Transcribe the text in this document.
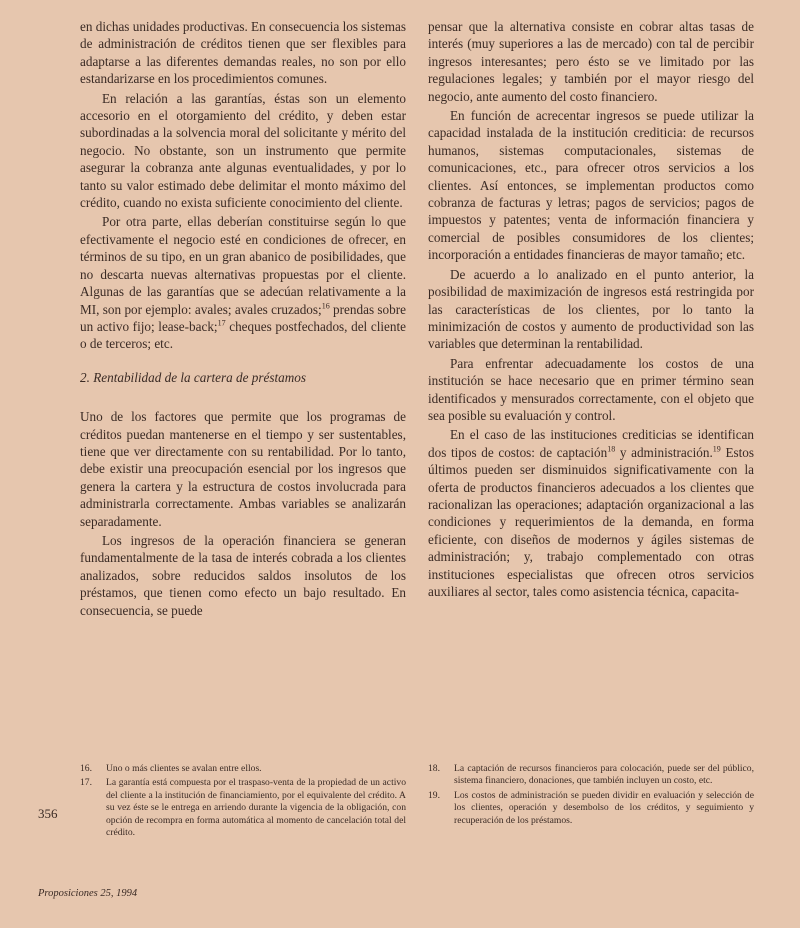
en dichas unidades productivas. En consecuencia los sistemas de administración de créditos tienen que ser flexibles para adaptarse a las diferentes demandas reales, no son por ello estandarizarse en los procedimientos comunes.

En relación a las garantías, éstas son un elemento accesorio en el otorgamiento del crédito, y deben estar subordinadas a la solvencia moral del solicitante y mérito del negocio. No obstante, son un instrumento que permite asegurar la cobranza ante algunas eventualidades, y por lo tanto su valor estimado debe delimitar el monto máximo del crédito, cuando no exista suficiente conocimiento del cliente.

Por otra parte, ellas deberían constituirse según lo que efectivamente el negocio esté en condiciones de ofrecer, en términos de su tipo, en un gran abanico de posibilidades, que no descarta nuevas alternativas propuestas por el cliente. Algunas de las garantías que se adecúan relativamente a la MI, son por ejemplo: avales; avales cruzados;$^{16}$ prendas sobre un activo fijo; lease-back;$^{17}$ cheques postfechados, del cliente o de terceros; etc.

2. Rentabilidad de la cartera de préstamos

Uno de los factores que permite que los programas de créditos puedan mantenerse en el tiempo y ser sustentables, tiene que ver directamente con su rentabilidad. Por lo tanto, debe existir una preocupación esencial por los ingresos que genera la cartera y la estructura de costos involucrada para administrarla correctamente. Ambas variables se analizarán separadamente.

Los ingresos de la operación financiera se generan fundamentalmente de la tasa de interés cobrada a los clientes analizados, sobre reducidos saldos insolutos de los préstamos, que tienen como efecto un bajo resultado. En consecuencia, se puede

pensar que la alternativa consiste en cobrar altas tasas de interés (muy superiores a las de mercado) con tal de percibir ingresos interesantes; pero ésto se ve limitado por las regulaciones legales; y también por el mayor riesgo del negocio, ante aumento del costo financiero.

En función de acrecentar ingresos se puede utilizar la capacidad instalada de la institución crediticia: de recursos humanos, sistemas computacionales, sistemas de comunicaciones, etc., para ofrecer otros servicios a los clientes. Así entonces, se implementan productos como cobranza de facturas y letras; pagos de servicios; pagos de impuestos y patentes; venta de información financiera y comercial de posibles consumidores de los clientes; incorporación a entidades financieras de mayor tamaño; etc.

De acuerdo a lo analizado en el punto anterior, la posibilidad de maximización de ingresos está restringida por las características de los clientes, por lo tanto la minimización de costos y aumento de productividad son las variables que determinan la rentabilidad.

Para enfrentar adecuadamente los costos de una institución se hace necesario que en primer término sean identificados y mensurados correctamente, con el objeto que sea posible su evaluación y control.

En el caso de las instituciones crediticias se identifican dos tipos de costos: de captación$^{18}$ y administración.$^{19}$ Estos últimos pueden ser disminuidos significativamente con la oferta de productos financieros adecuados a los clientes que racionalizan las operaciones; adaptación organizacional a las condiciones y requerimientos de la demanda, en forma eficiente, con diseños de modernos y ágiles sistemas de administración; y, trabajo complementado con otras instituciones especialistas que ofrecen otros servicios auxiliares al sector, tales como asistencia técnica, capacita-

16.	Uno o más clientes se avalan entre ellos.
17.	La garantía está compuesta por el traspaso-venta de la propiedad de un activo del cliente a la institución de financiamiento, por el equivalente del crédito. A su vez éste se le entrega en arriendo durante la vigencia de la obligación, con opción de recompra en forma automática al momento de cancelación total del crédito.
18.	La captación de recursos financieros para colocación, puede ser del público, sistema financiero, donaciones, que también incluyen un costo, etc.
19.	Los costos de administración se pueden dividir en evaluación y selección de los clientes, operación y desembolso de los créditos, y seguimiento y recuperación de los préstamos.
356
Proposiciones 25, 1994
